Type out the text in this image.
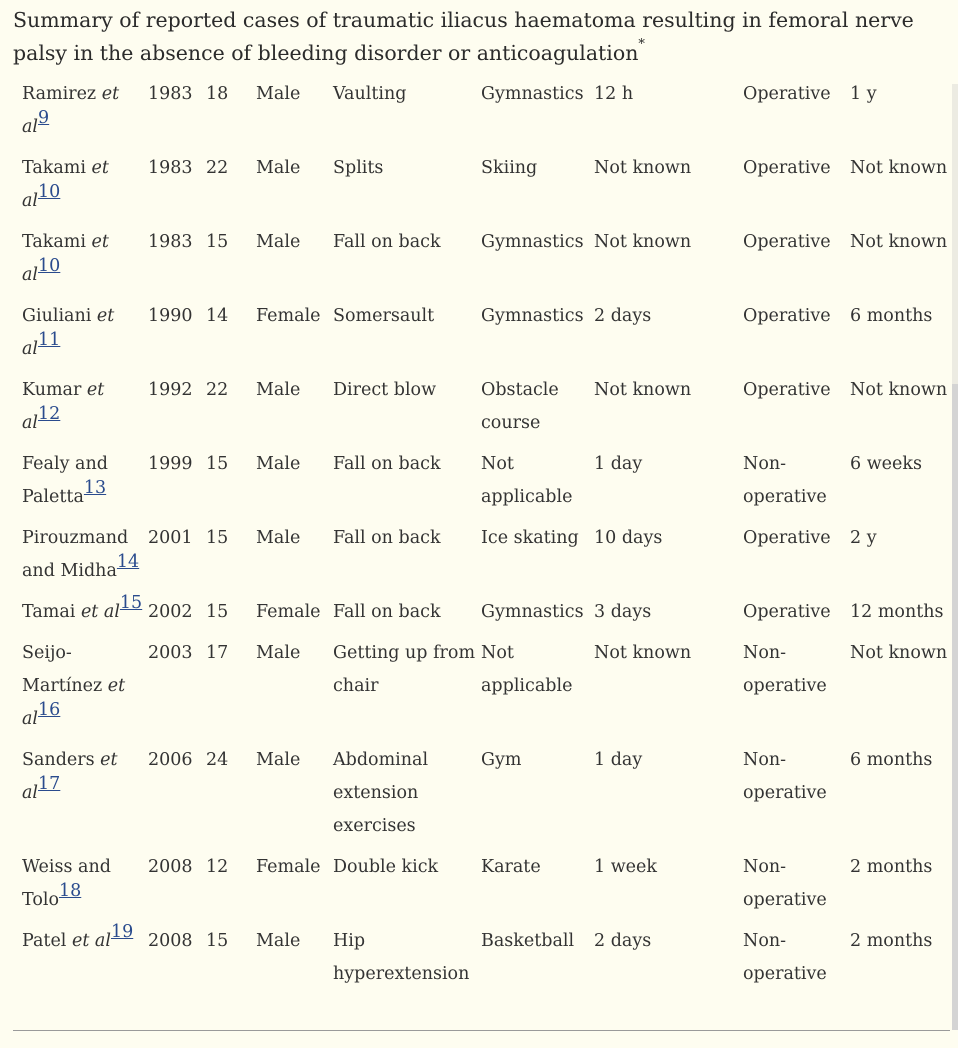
Summary of reported cases of traumatic iliacus haematoma resulting in femoral nerve palsy in the absence of bleeding disorder or anticoagulation*
Ramirez et al9	1983	18	Male	Vaulting	Gymnastics	12 h	Operative	1 y
Takami et al10	1983	22	Male	Splits	Skiing	Not known	Operative	Not known
Takami et al10	1983	15	Male	Fall on back	Gymnastics	Not known	Operative	Not known
Giuliani et al11	1990	14	Female	Somersault	Gymnastics	2 days	Operative	6 months
Kumar et al12	1992	22	Male	Direct blow	Obstacle course	Not known	Operative	Not known
Fealy and Paletta13	1999	15	Male	Fall on back	Not applicable	1 day	Non-operative	6 weeks
Pirouzmand and Midha14	2001	15	Male	Fall on back	Ice skating	10 days	Operative	2 y
Tamai et al15	2002	15	Female	Fall on back	Gymnastics	3 days	Operative	12 months
Seijo-Martínez et al16	2003	17	Male	Getting up from chair	Not applicable	Not known	Non-operative	Not known
Sanders et al17	2006	24	Male	Abdominal extension exercises	Gym	1 day	Non-operative	6 months
Weiss and Tolo18	2008	12	Female	Double kick	Karate	1 week	Non-operative	2 months
Patel et al19	2008	15	Male	Hip hyperextension	Basketball	2 days	Non-operative	2 months
